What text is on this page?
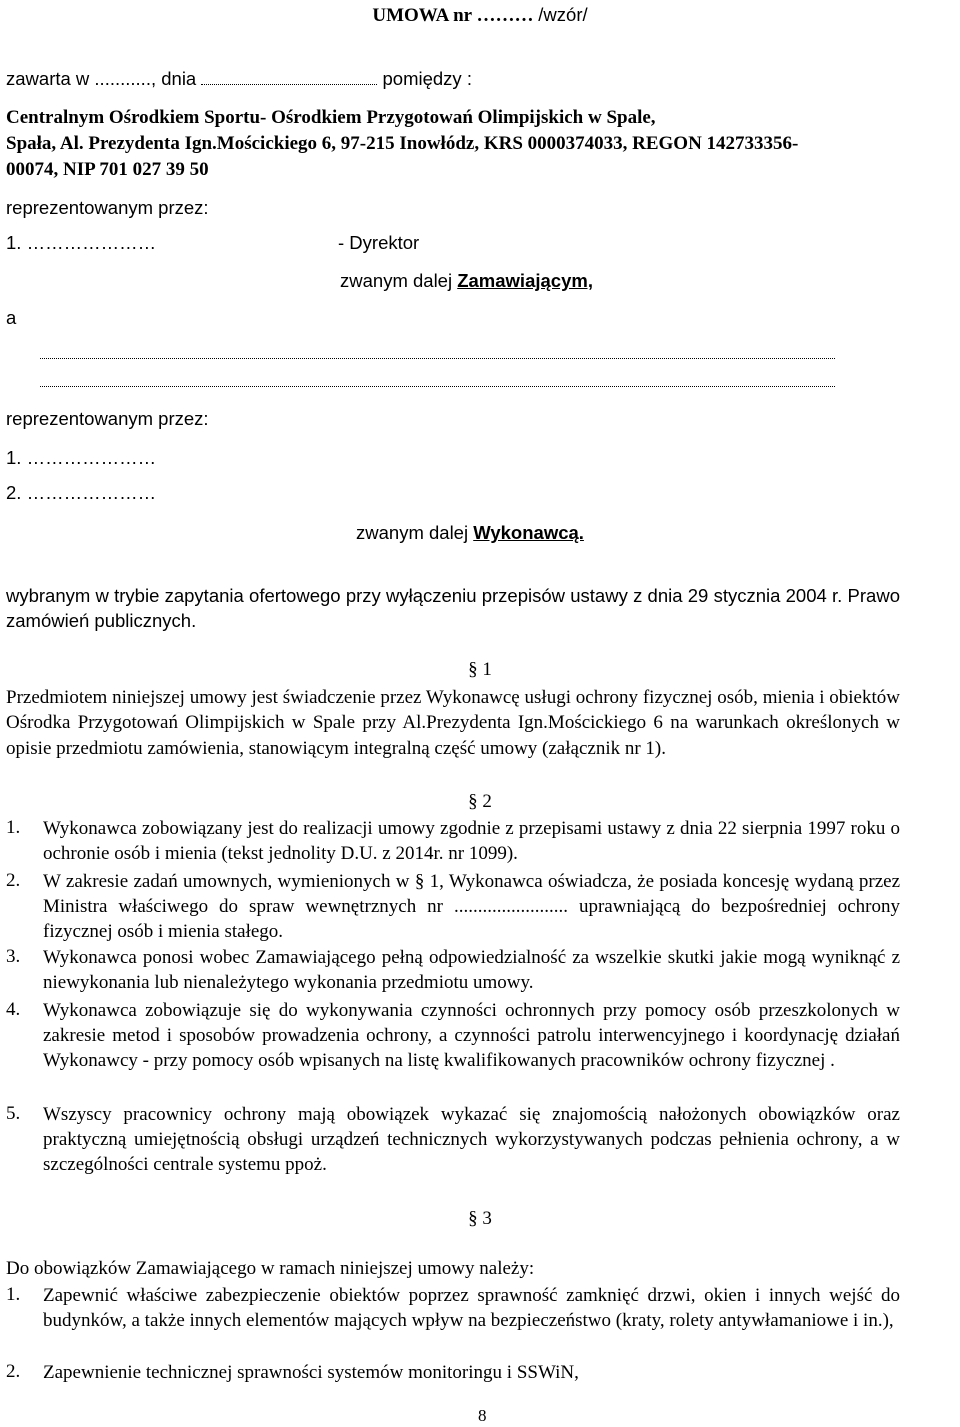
UMOWA nr ……… /wzór/
zawarta w ..........., dnia	pomiędzy :
Centralnym Ośrodkiem Sportu- Ośrodkiem Przygotowań Olimpijskich w Spale,
Spała, Al. Prezydenta Ign.Mościckiego 6, 97-215 Inowłódz, KRS 0000374033, REGON 142733356-
00074, NIP 701 027 39 50
reprezentowanym przez:
1. …………………	- Dyrektor
zwanym dalej Zamawiającym,
a
reprezentowanym przez:
1. …………………
2. …………………
zwanym dalej Wykonawcą.
wybranym w trybie zapytania ofertowego przy wyłączeniu przepisów ustawy z dnia 29 stycznia 2004 r. Prawo zamówień publicznych.
§ 1
Przedmiotem niniejszej umowy jest świadczenie przez Wykonawcę usługi ochrony fizycznej osób, mienia i obiektów Ośrodka Przygotowań Olimpijskich w Spale przy Al.Prezydenta Ign.Mościckiego 6 na warunkach określonych w opisie przedmiotu zamówienia, stanowiącym integralną część umowy (załącznik nr 1).
§ 2
1. Wykonawca zobowiązany jest do realizacji umowy zgodnie z przepisami ustawy z dnia 22 sierpnia 1997 roku o ochronie osób i mienia (tekst jednolity D.U. z 2014r. nr 1099).
2. W zakresie zadań umownych, wymienionych w § 1, Wykonawca oświadcza, że posiada koncesję wydaną przez Ministra właściwego do spraw wewnętrznych nr ........................ uprawniającą do bezpośredniej ochrony fizycznej osób i mienia stałego.
3. Wykonawca ponosi wobec Zamawiającego pełną odpowiedzialność za wszelkie skutki jakie mogą wyniknąć z niewykonania lub nienależytego wykonania przedmiotu umowy.
4. Wykonawca zobowiązuje się do wykonywania czynności ochronnych przy pomocy osób przeszkolonych w zakresie metod i sposobów prowadzenia ochrony, a czynności patrolu interwencyjnego i koordynację działań Wykonawcy - przy pomocy osób wpisanych na listę kwalifikowanych pracowników ochrony fizycznej .
5. Wszyscy pracownicy ochrony mają obowiązek wykazać się znajomością nałożonych obowiązków oraz praktyczną umiejętnością obsługi urządzeń technicznych wykorzystywanych podczas pełnienia ochrony, a w szczególności centrale systemu ppoż.
§ 3
Do obowiązków Zamawiającego w ramach niniejszej umowy należy:
1. Zapewnić właściwe zabezpieczenie obiektów poprzez sprawność zamknięć drzwi, okien i innych wejść do budynków, a także innych elementów mających wpływ na bezpieczeństwo (kraty, rolety antywłamaniowe i in.),
2. Zapewnienie technicznej sprawności systemów monitoringu i SSWiN,
8
